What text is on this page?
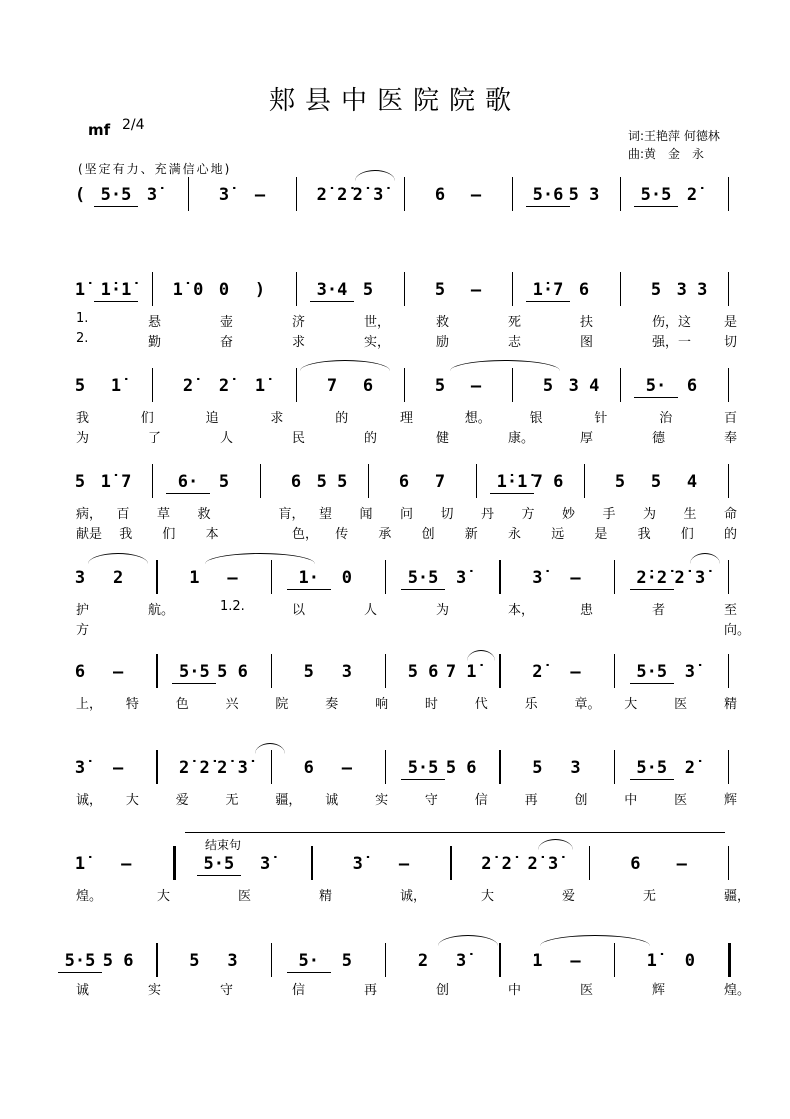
郏县中医院院歌
mf 2/4
词:王艳萍 何德林
曲:黄　金　永
(坚定有力、充满信心地)
( 5·5 3̇	3̇	–	2̇ 2̇ 2̇ 3̇	6	–	5·6 5 3	5·5 2̇
1̇ 1̇·1̇	1̇ 0 0	)	3·4 5	5	–	1̇·7 6	5 3 3
1.	悬	壶	济	世，	救	死	扶	伤，这	是
2.	勤	奋	求	实，	励	志	图	强，一	切
5	1̇	2̇	2̇	1̇	7	6	5	–	5 3 4	5·	6
我	们	追	求	的	理	想。	银	针	治	百
为	了	人	民	的	健	康。	厚	德	奉
5 1̇ 7	6·	5	6 5 5	6	7	1̇·1̇ 7 6	5	5	4
病， 百 草 救	肓， 望 闻 问 切 丹 方 妙 手 为 生 命
献是 我 们 本	色， 传 承 创 新 永 远 是 我 们 的
3	2	1	–	1·	0	5·5	3̇	3̇	–	2̇·2̇ 2̇ 3̇
护	航。	1.2.	以	人	为	本，	患	者	至
方	向。
6	–	5·5 5 6	5	3	5 6 7 1̇	2̇	–	5·5	3̇
上， 特	色	兴	院	奏	响	时	代	乐	章。 大	医	精
3̇	–	2̇ 2̇ 2̇ 3̇	6	–	5·5 5 6	5	3	5·5	2̇
诚， 大	爱	无	疆， 诚	实	守	信	再	创	中	医	辉
1̇	–	5·5	3̇	3̇	–	2̇ 2̇ 2̇ 3̇	6	–
煌。	大	医	精	诚，	大	爱	无	疆，
结束句
5·5 5 6	5	3	5·	5	2	3̇	1	–	1̇	0
诚	实	守	信	再	创	中	医	辉	煌。
